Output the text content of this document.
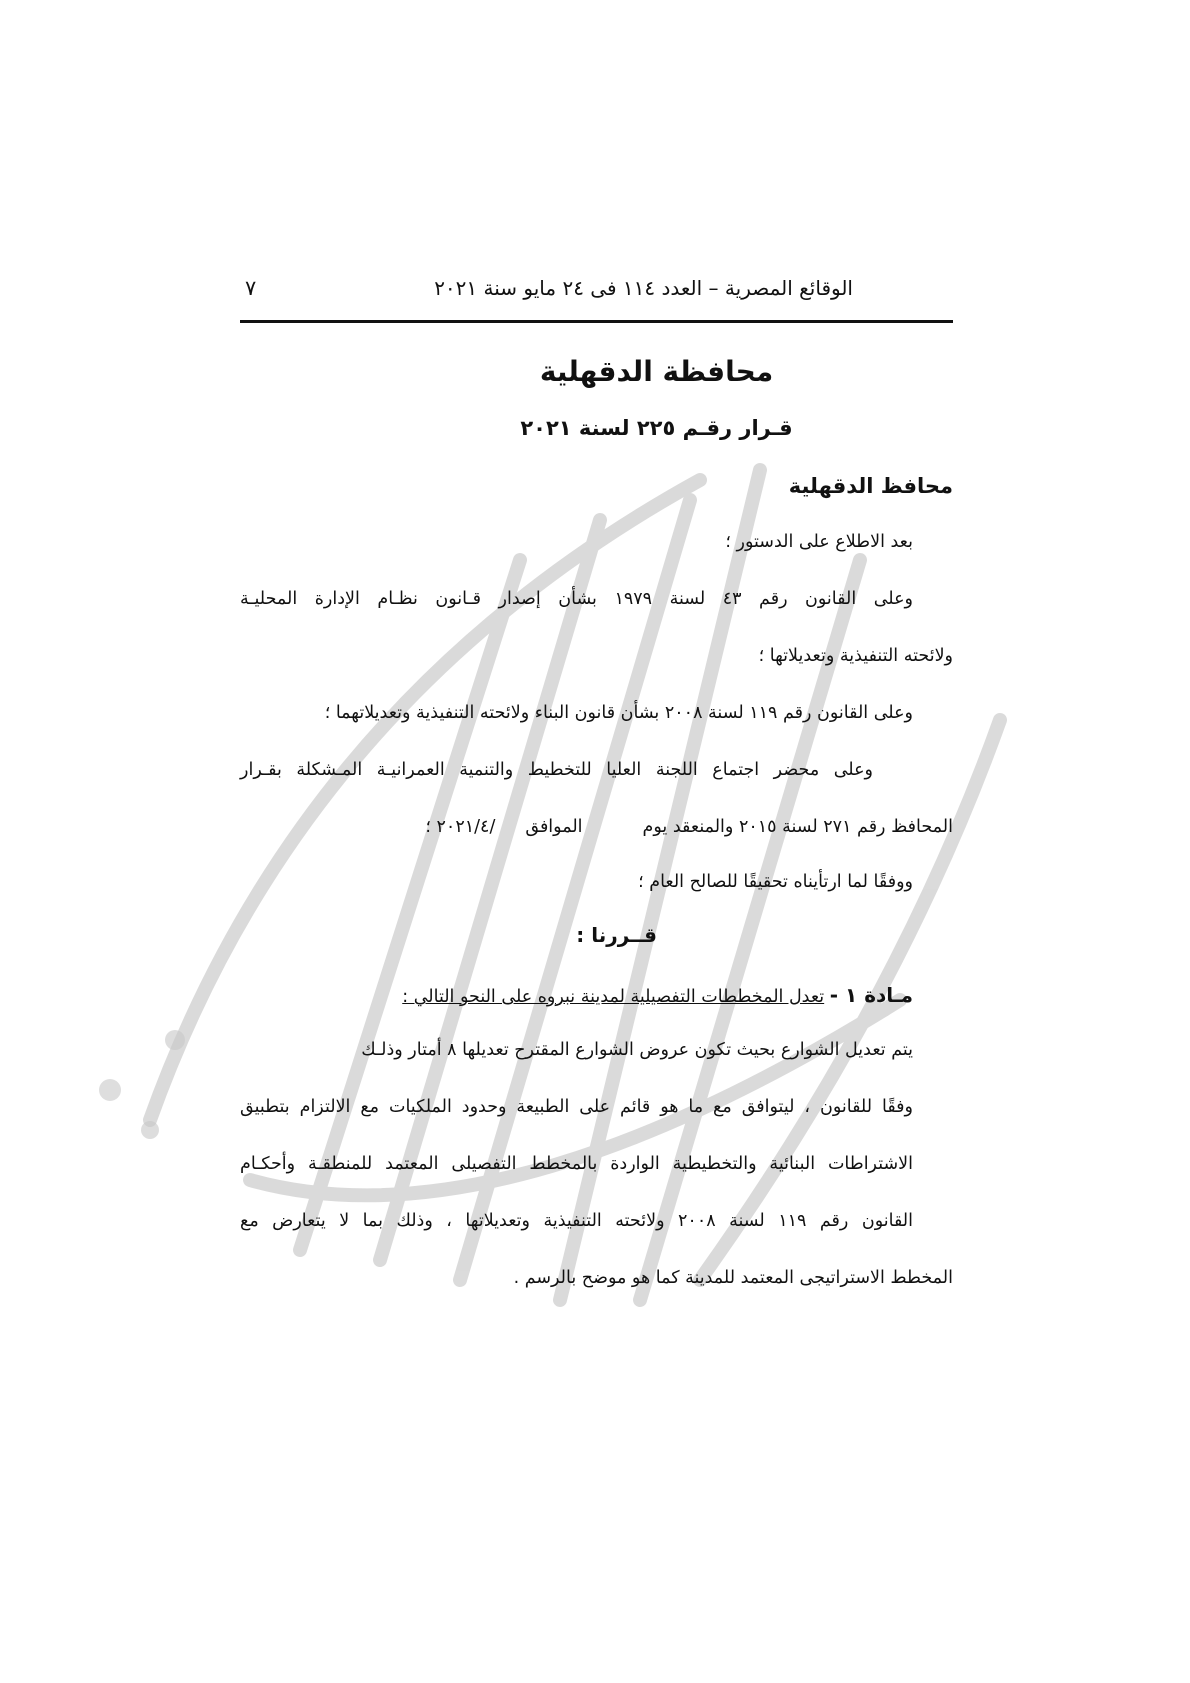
الوقائع المصرية – العدد ١١٤ فى ٢٤ مايو سنة ٢٠٢١
٧
محافظة الدقهلية
قـرار رقـم ٢٢٥ لسنة ٢٠٢١
محافظ الدقهلية
بعد الاطلاع على الدستور ؛
وعلى القانون رقم ٤٣ لسنة ١٩٧٩ بشأن إصدار قـانون نظـام الإدارة المحليـة
ولائحته التنفيذية وتعديلاتها ؛
وعلى القانون رقم ١١٩ لسنة ٢٠٠٨ بشأن قانون البناء ولائحته التنفيذية وتعديلاتهما ؛
وعلى محضر اجتماع اللجنة العليا للتخطيط والتنمية العمرانيـة المـشكلة بقـرار
المحافظ رقم ٢٧١ لسنة ٢٠١٥ والمنعقد يومالموافق/٢٠٢١/٤ ؛
ووفقًا لما ارتأيناه تحقيقًا للصالح العام ؛
قــررنا :
مـادة ١ - تعدل المخططات التفصيلية لمدينة نبروه على النحو التالي :
يتم تعديل الشوارع بحيث تكون عروض الشوارع المقترح تعديلها ٨ أمتار وذلـك
وفقًا للقانون ، ليتوافق مع ما هو قائم على الطبيعة وحدود الملكيات مع الالتزام بتطبيق
الاشتراطات البنائية والتخطيطية الواردة بالمخطط التفصيلى المعتمد للمنطقـة وأحكـام
القانون رقم ١١٩ لسنة ٢٠٠٨ ولائحته التنفيذية وتعديلاتها ، وذلك بما لا يتعارض مع
المخطط الاستراتيجى المعتمد للمدينة كما هو موضح بالرسم .
